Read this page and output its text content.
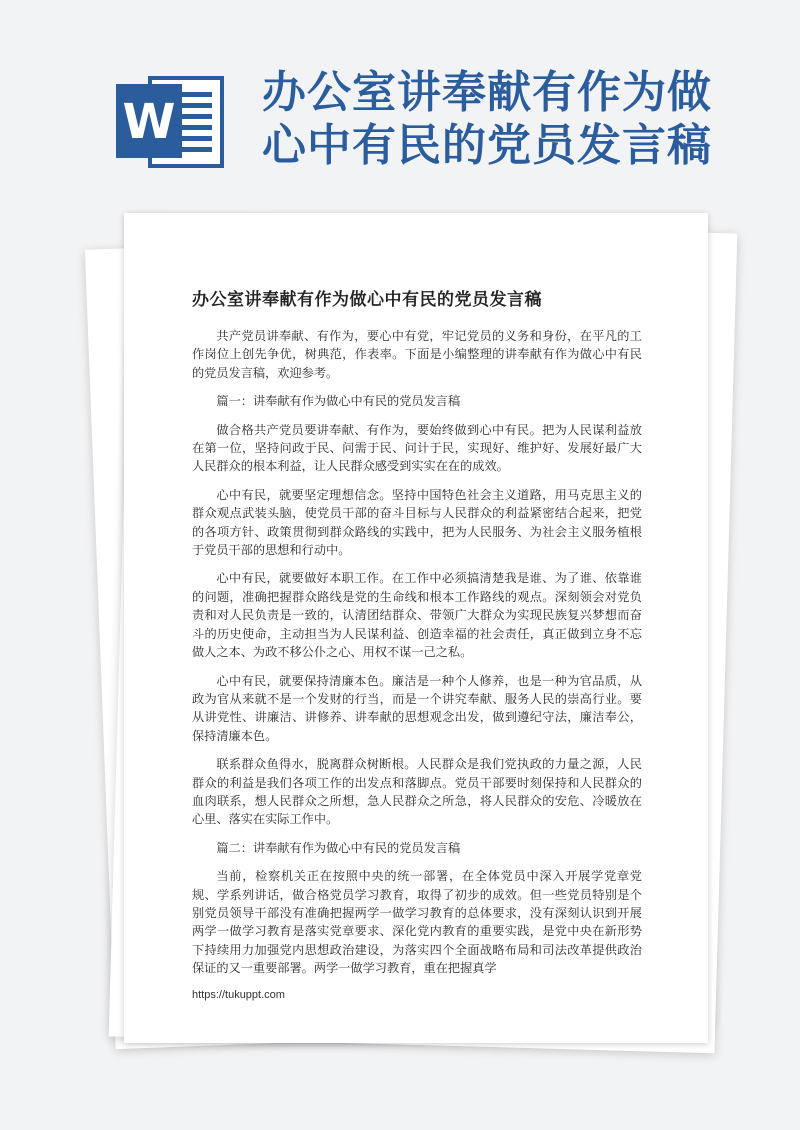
W
办公室讲奉献有作为做
心中有民的党员发言稿
办公室讲奉献有作为做心中有民的党员发言稿

共产党员讲奉献、有作为，要心中有党，牢记党员的义务和身份，在平凡的工作岗位上创先争优，树典范，作表率。下面是小编整理的讲奉献有作为做心中有民的党员发言稿，欢迎参考。

篇一：讲奉献有作为做心中有民的党员发言稿

做合格共产党员要讲奉献、有作为，要始终做到心中有民。把为人民谋利益放在第一位，坚持问政于民、问需于民、问计于民，实现好、维护好、发展好最广大人民群众的根本利益，让人民群众感受到实实在在的成效。

心中有民，就要坚定理想信念。坚持中国特色社会主义道路，用马克思主义的群众观点武装头脑，使党员干部的奋斗目标与人民群众的利益紧密结合起来，把党的各项方针、政策贯彻到群众路线的实践中，把为人民服务、为社会主义服务植根于党员干部的思想和行动中。

心中有民，就要做好本职工作。在工作中必须搞清楚我是谁、为了谁、依靠谁的问题，准确把握群众路线是党的生命线和根本工作路线的观点。深刻领会对党负责和对人民负责是一致的，认清团结群众、带领广大群众为实现民族复兴梦想而奋斗的历史使命，主动担当为人民谋利益、创造幸福的社会责任，真正做到立身不忘做人之本、为政不移公仆之心、用权不谋一己之私。

心中有民，就要保持清廉本色。廉洁是一种个人修养，也是一种为官品质，从政为官从来就不是一个发财的行当，而是一个讲究奉献、服务人民的崇高行业。要从讲党性、讲廉洁、讲修养、讲奉献的思想观念出发，做到遵纪守法，廉洁奉公，保持清廉本色。

联系群众鱼得水，脱离群众树断根。人民群众是我们党执政的力量之源，人民群众的利益是我们各项工作的出发点和落脚点。党员干部要时刻保持和人民群众的血肉联系，想人民群众之所想，急人民群众之所急，将人民群众的安危、冷暖放在心里、落实在实际工作中。

篇二：讲奉献有作为做心中有民的党员发言稿

当前，检察机关正在按照中央的统一部署，在全体党员中深入开展学党章党规、学系列讲话，做合格党员学习教育，取得了初步的成效。但一些党员特别是个别党员领导干部没有准确把握两学一做学习教育的总体要求，没有深刻认识到开展两学一做学习教育是落实党章要求、深化党内教育的重要实践，是党中央在新形势下持续用力加强党内思想政治建设，为落实四个全面战略布局和司法改革提供政治保证的又一重要部署。两学一做学习教育，重在把握真学

https://tukuppt.com
